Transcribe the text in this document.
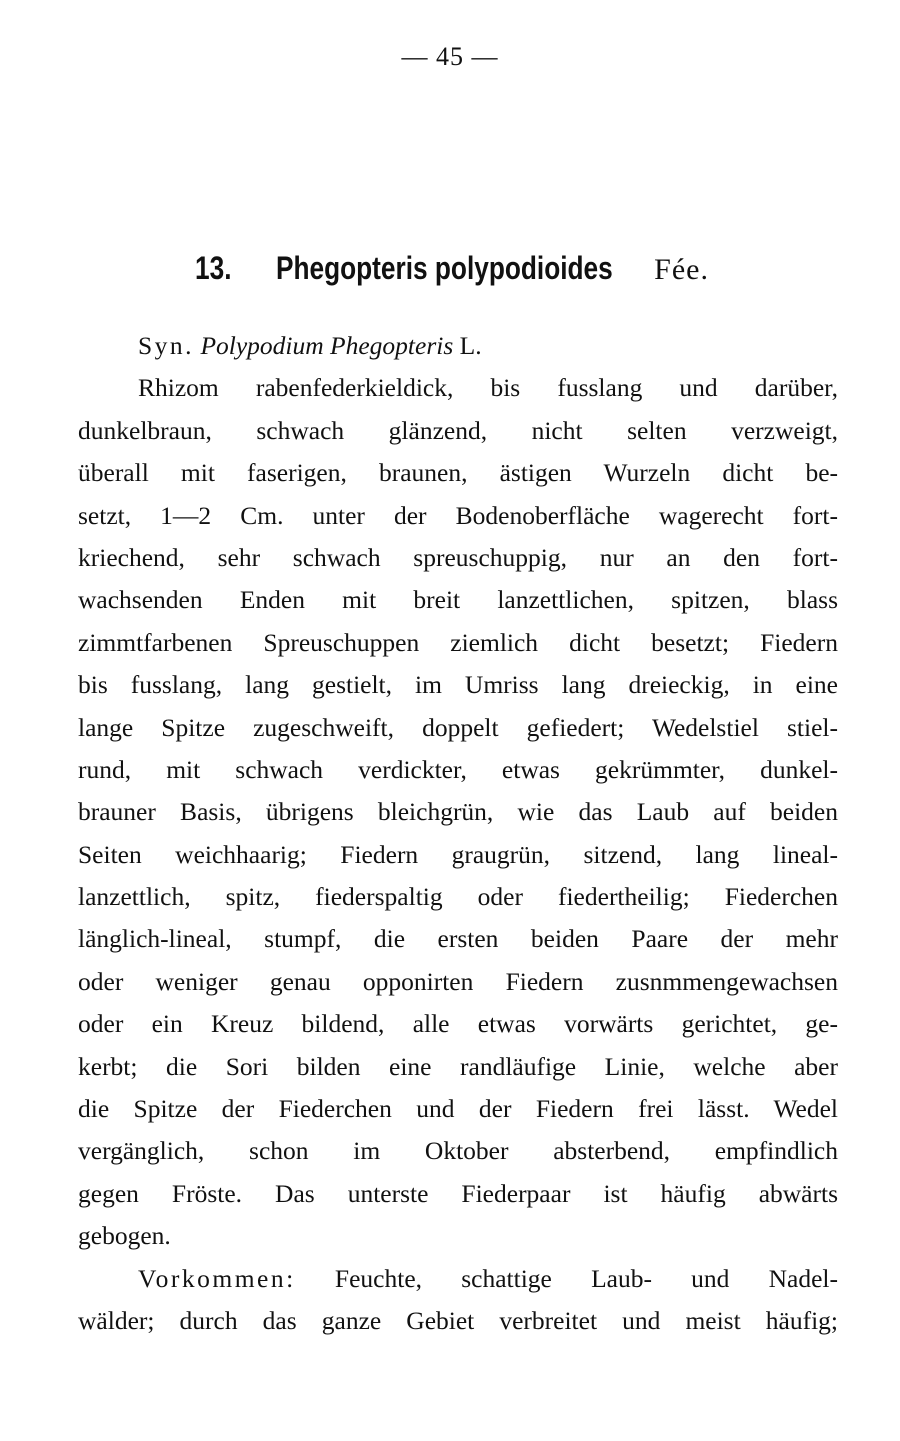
— 45 —
13. Phegopteris polypodioides Fée.
Syn. Polypodium Phegopteris L.
Rhizom rabenfederkieldick, bis fusslang und darüber,
dunkelbraun, schwach glänzend, nicht selten verzweigt,
überall mit faserigen, braunen, ästigen Wurzeln dicht be-
setzt, 1—2 Cm. unter der Bodenoberfläche wagerecht fort-
kriechend, sehr schwach spreuschuppig, nur an den fort-
wachsenden Enden mit breit lanzettlichen, spitzen, blass
zimmtfarbenen Spreuschuppen ziemlich dicht besetzt; Fiedern
bis fusslang, lang gestielt, im Umriss lang dreieckig, in eine
lange Spitze zugeschweift, doppelt gefiedert; Wedelstiel stiel-
rund, mit schwach verdickter, etwas gekrümmter, dunkel-
brauner Basis, übrigens bleichgrün, wie das Laub auf beiden
Seiten weichhaarig; Fiedern graugrün, sitzend, lang lineal-
lanzettlich, spitz, fiederspaltig oder fiedertheilig; Fiederchen
länglich-lineal, stumpf, die ersten beiden Paare der mehr
oder weniger genau opponirten Fiedern zusnmmengewachsen
oder ein Kreuz bildend, alle etwas vorwärts gerichtet, ge-
kerbt; die Sori bilden eine randläufige Linie, welche aber
die Spitze der Fiederchen und der Fiedern frei lässt. Wedel
vergänglich, schon im Oktober absterbend, empfindlich
gegen Fröste. Das unterste Fiederpaar ist häufig abwärts
gebogen.
Vorkommen: Feuchte, schattige Laub- und Nadel-
wälder; durch das ganze Gebiet verbreitet und meist häufig;
